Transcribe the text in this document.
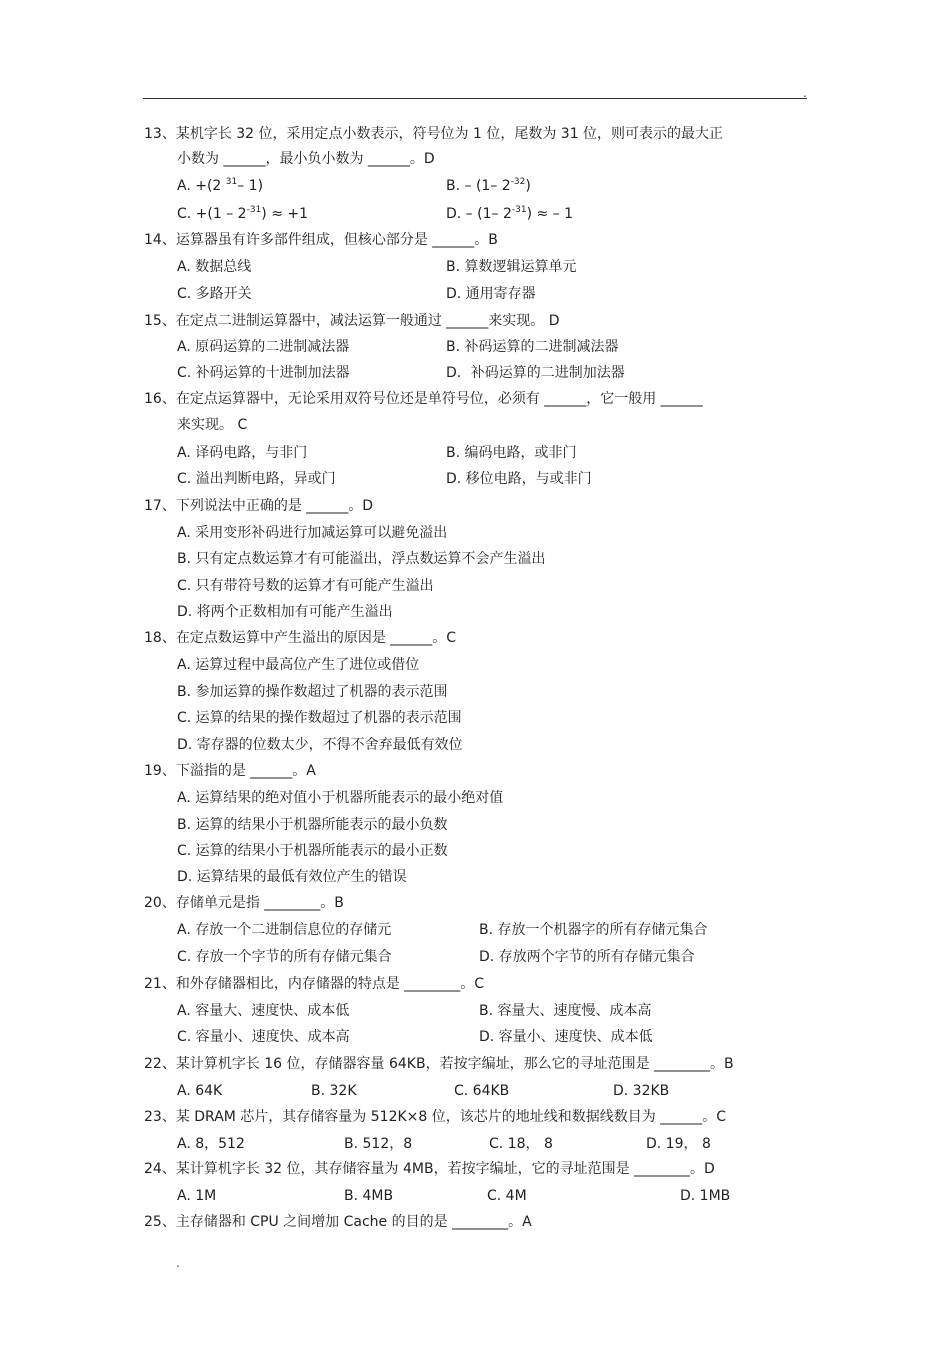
.
13、某机字长 32 位，采用定点小数表示，符号位为 1 位，尾数为 31 位，则可表示的最大正
小数为 ______，最小负小数为 ______。D
A. +(2 $^{31}$– 1)	B. – (1– $2^{-32}$)
C. $+(1 - 2^{-31}) \approx +1$	D. – (1– $2^{-31}$) ≈ – 1
14、运算器虽有许多部件组成，但核心部分是 ______。B
A. 数据总线	B. 算数逻辑运算单元
C. 多路开关	D. 通用寄存器
15、在定点二进制运算器中，减法运算一般通过 ______来实现。 D
A. 原码运算的二进制减法器	B. 补码运算的二进制减法器
C. 补码运算的十进制加法器	D．补码运算的二进制加法器
16、在定点运算器中，无论采用双符号位还是单符号位，必须有 ______，它一般用 ______
来实现。 C
A. 译码电路，与非门	B. 编码电路，或非门
C. 溢出判断电路，异或门	D. 移位电路，与或非门
17、下列说法中正确的是 ______。D
A. 采用变形补码进行加减运算可以避免溢出
B. 只有定点数运算才有可能溢出，浮点数运算不会产生溢出
C. 只有带符号数的运算才有可能产生溢出
D. 将两个正数相加有可能产生溢出
18、在定点数运算中产生溢出的原因是 ______。C
A. 运算过程中最高位产生了进位或借位
B. 参加运算的操作数超过了机器的表示范围
C. 运算的结果的操作数超过了机器的表示范围
D. 寄存器的位数太少，不得不舍弃最低有效位
19、下溢指的是 ______。A
A. 运算结果的绝对值小于机器所能表示的最小绝对值
B. 运算的结果小于机器所能表示的最小负数
C. 运算的结果小于机器所能表示的最小正数
D. 运算结果的最低有效位产生的错误
20、存储单元是指 ________。B
A. 存放一个二进制信息位的存储元	B. 存放一个机器字的所有存储元集合
C. 存放一个字节的所有存储元集合	D. 存放两个字节的所有存储元集合
21、和外存储器相比，内存储器的特点是 ________。C
A. 容量大、速度快、成本低	B. 容量大、速度慢、成本高
C. 容量小、速度快、成本高	D. 容量小、速度快、成本低
22、某计算机字长 16 位，存储器容量 64KB，若按字编址，那么它的寻址范围是 ________。B
A. 64K	B. 32K	C. 64KB	D. 32KB
23、某 DRAM 芯片，其存储容量为 512K×8 位，该芯片的地址线和数据线数目为 ______。C
A. 8，512	B. 512，8	C. 18， 8	D. 19， 8
24、某计算机字长 32 位，其存储容量为 4MB，若按字编址，它的寻址范围是 ________。D
A. 1M	B. 4MB	C. 4M	D. 1MB
25、主存储器和 CPU 之间增加 Cache 的目的是 ________。A
.
